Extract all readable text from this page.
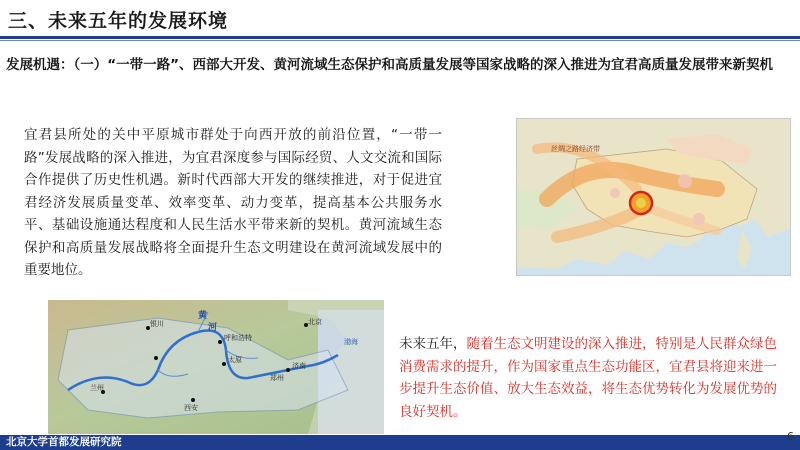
三、未来五年的发展环境
发展机遇：（一）“一带一路”、西部大开发、黄河流域生态保护和高质量发展等国家战略的深入推进为宜君高质量发展带来新契机
宜君县所处的关中平原城市群处于向西开放的前沿位置，“一带一路”发展战略的深入推进，为宜君深度参与国际经贸、人文交流和国际合作提供了历史性机遇。新时代西部大开发的继续推进，对于促进宜君经济发展质量变革、效率变革、动力变革，提高基本公共服务水平、基础设施通达程度和人民生活水平带来新的契机。黄河流域生态保护和高质量发展战略将全面提升生态文明建设在黄河流域发展中的重要地位。
丝绸之路经济带
黄
河
兰州
银川
呼和浩特
太原
郑州
济南
北京
渤海
西安
未来五年，随着生态文明建设的深入推进，特别是人民群众绿色消费需求的提升，作为国家重点生态功能区，宜君县将迎来进一步提升生态价值、放大生态效益，将生态优势转化为发展优势的良好契机。
北京大学首都发展研究院	6
